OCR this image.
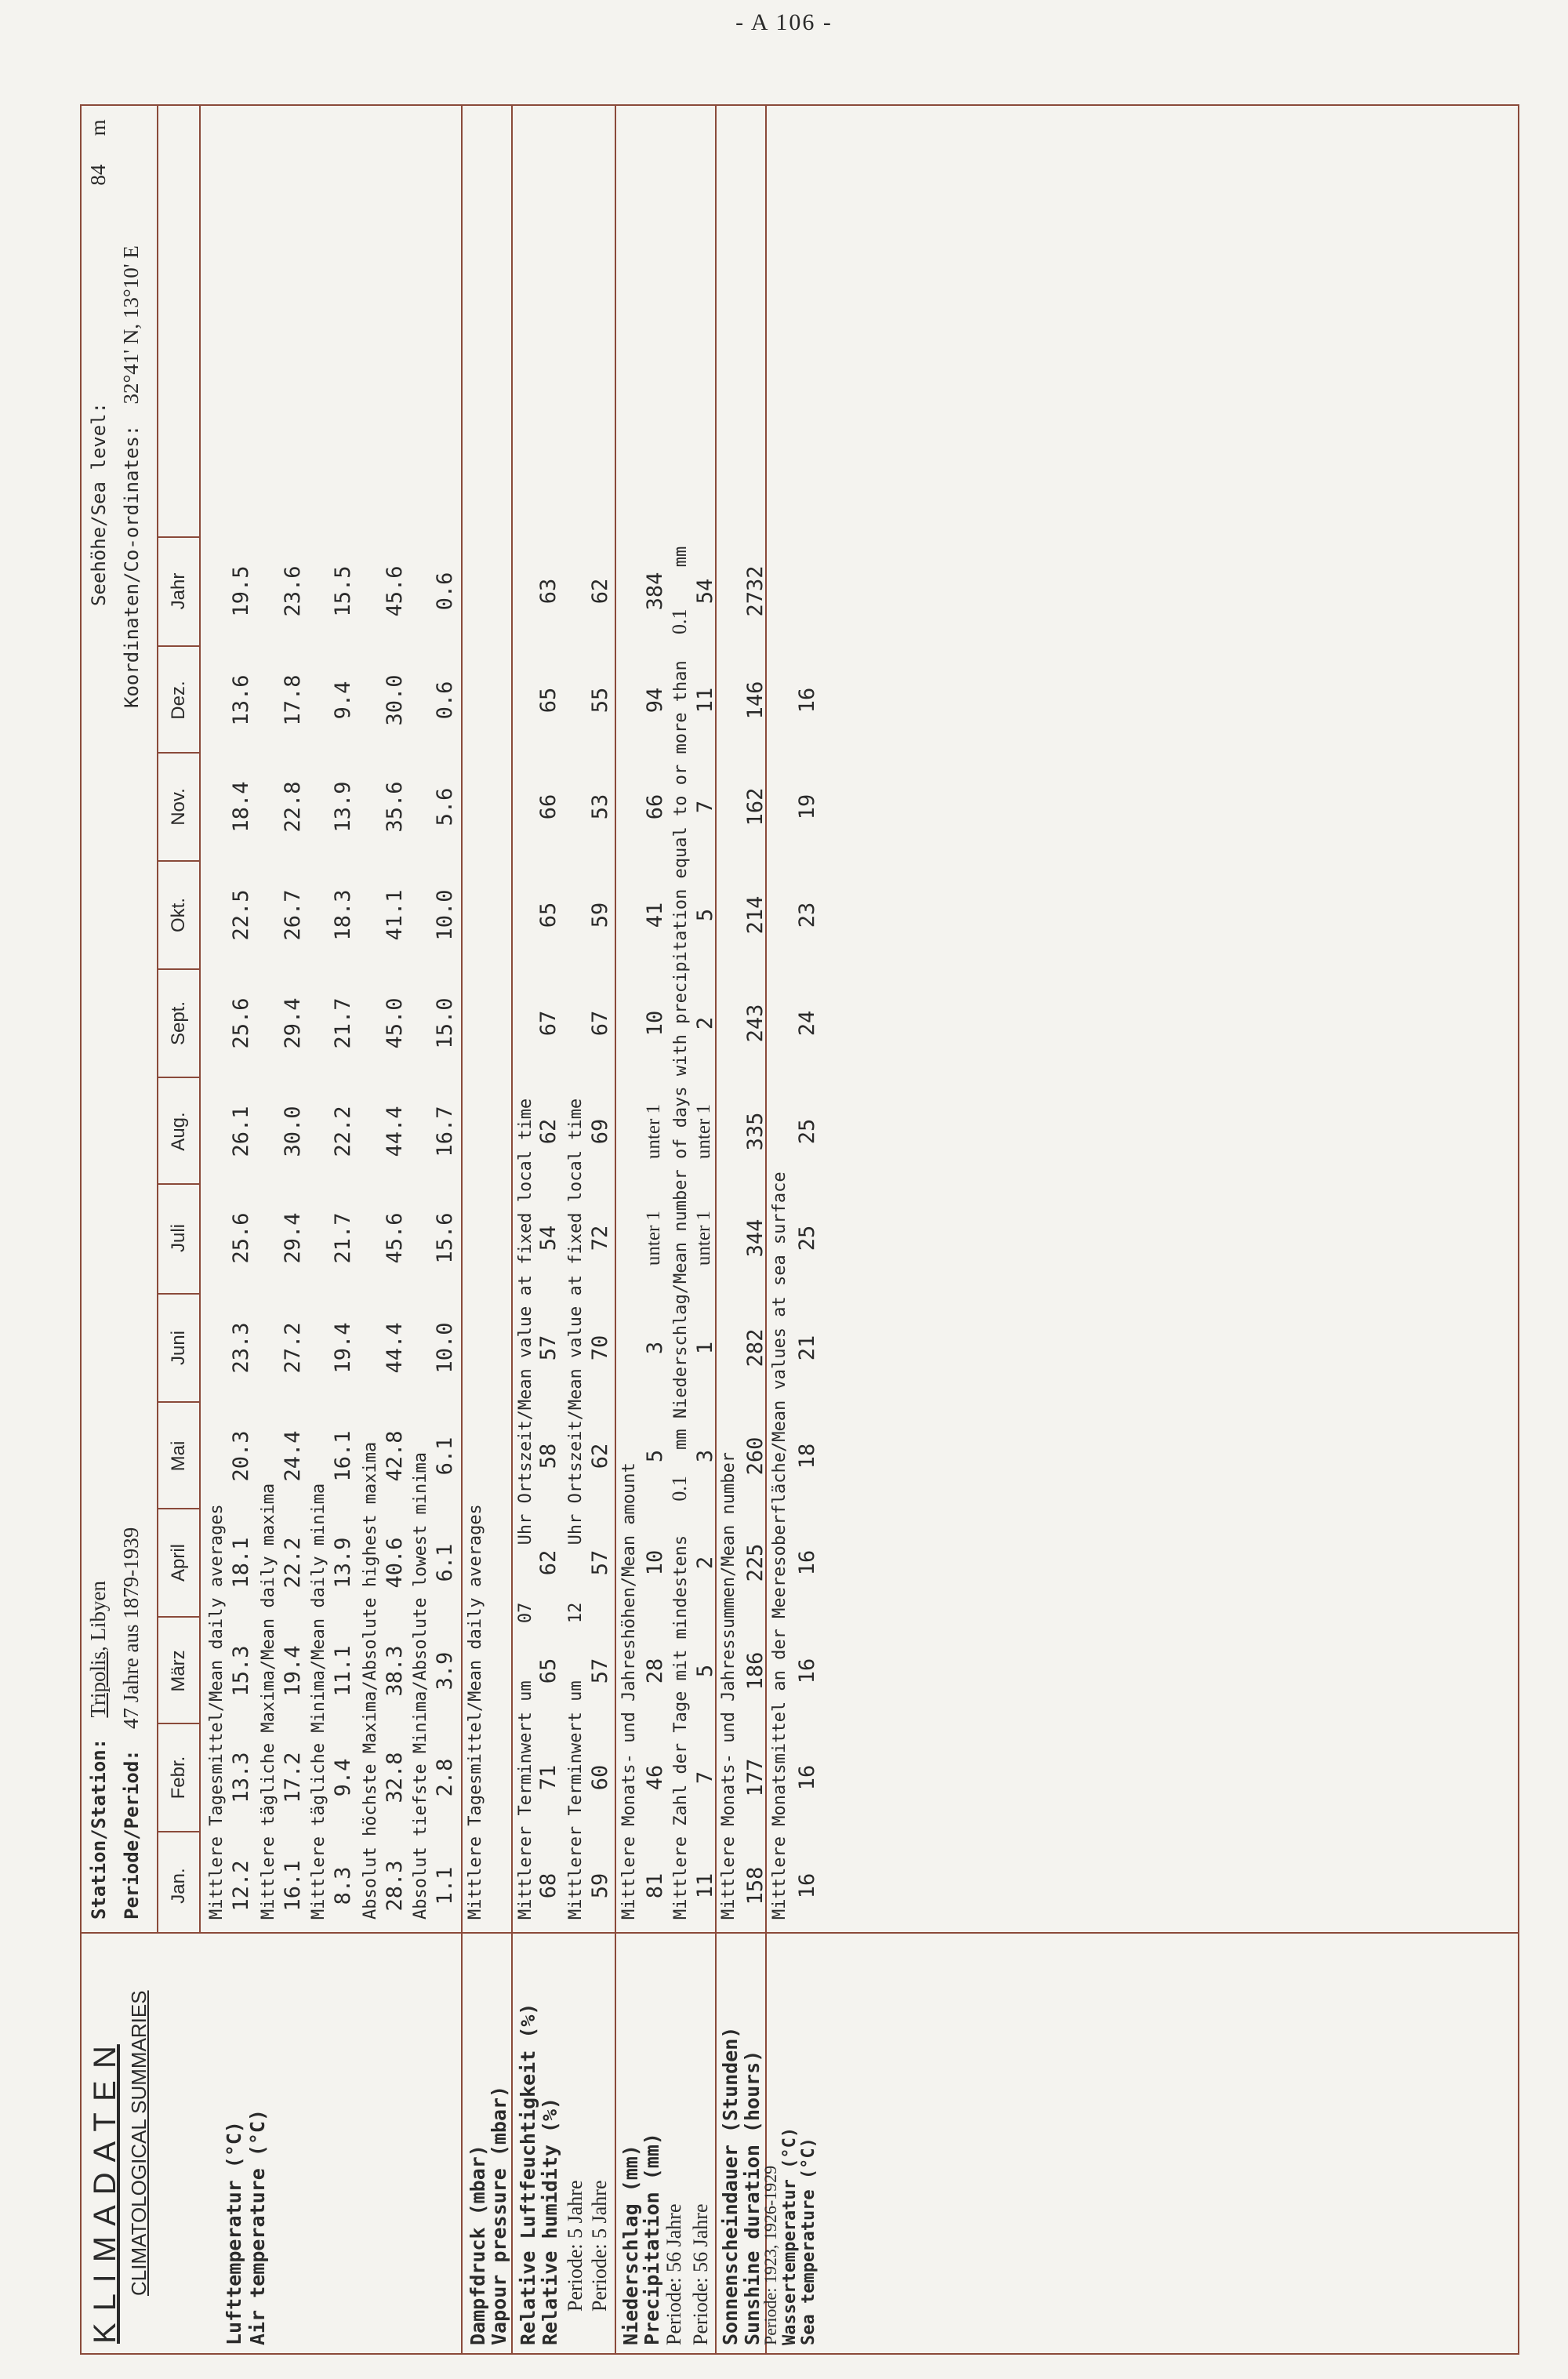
- A 106 -
K L I M A D A T E N CLIMATOLOGICAL SUMMARIES
Station/Station: Tripolis, Libyen
Periode/Period: 47 Jahre aus 1879-1939
Seehöhe/Sea level: 84 m
Koordinaten/Co-ordinates: 32°41' N, 13°10' E
Jan.
Febr.
März
April
Mai
Juni
Juli
Aug.
Sept.
Okt.
Nov.
Dez.
Jahr
Lufttemperatur (°C) Air temperature (°C)	Dampfdruck (mbar)
Vapour pressure (mbar) Relative Luftfeuchtigkeit (%) Relative humidity (%) Periode: 5 Jahre Periode: 5 Jahre Niederschlag (mm)
Precipitation (mm) Periode: 56 Jahre Periode: 56 Jahre Sonnenscheindauer (Stunden) Sunshine duration (hours)
Periode: 1923, 1926-1929 Wassertemperatur (°C) Sea temperature (°C)
Mittlere Tagesmittel/Mean daily averages Mittlere tägliche Maxima/Mean daily maxima Mittlere tägliche Minima/Mean daily minima Absolut höchste Maxima/Absolute highest maxima Absolut tiefste Minima/Absolute lowest minima Mittlere Tagesmittel/Mean daily averages Mittlerer Terminwert um 07 Uhr Ortszeit/Mean value at fixed local time
Mittlerer Terminwert um 12 Uhr Ortszeit/Mean value at fixed local time
Mittlere Monats- und Jahreshöhen/Mean amount Mittlere Zahl der Tage mit mindestens 0.1 mm Niederschlag/Mean number of days with precipitation equal to or more than 0.1 mm
Mittlere Monats- und Jahressummen/Mean number Mittlere Monatsmittel an der Meeresoberfläche/Mean values at sea surface
12.2
13.3
15.3
18.1
20.3
23.3
25.6
26.1
25.6
22.5
18.4
13.6
19.5
16.1
17.2
19.4
22.2
24.4
27.2
29.4
30.0
29.4
26.7
22.8
17.8
23.6
8.3
9.4
11.1
13.9
16.1
19.4
21.7
22.2
21.7
18.3
13.9
9.4
15.5
28.3
32.8
38.3
40.6
42.8
44.4
45.6
44.4
45.0
41.1
35.6
30.0
45.6
1.1
2.8
3.9
6.1
6.1
10.0
15.6
16.7
15.0
10.0
5.6
0.6
0.6
68
71
65
62
58
57
54
62
67
65
66
65
63
59
60
57
57
62
70
72
69
67
59
53
55
62
81
46
28
10
5
3
unter 1
unter 1
10
41
66
94
384
11
7
5
2
3
1
unter 1
unter 1
2
5
7
11
54
158
177
186
225
260
282
344
335
243
214
162
146
2732
16
16
16
16
18
21
25
25
24
23
19
16
